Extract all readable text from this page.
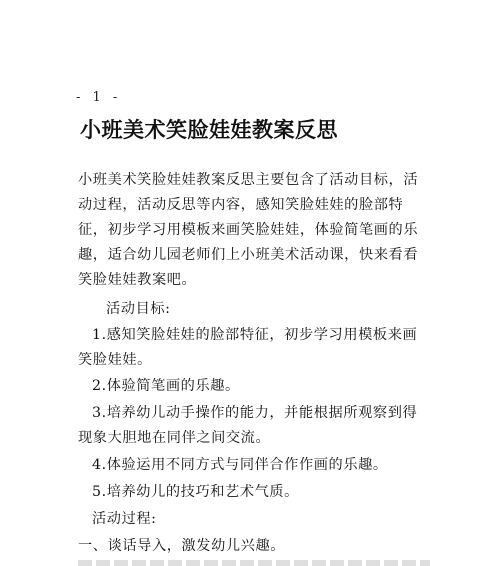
- 1 -
小班美术笑脸娃娃教案反思
小班美术笑脸娃娃教案反思主要包含了活动目标，活动过程，活动反思等内容，感知笑脸娃娃的脸部特征，初步学习用模板来画笑脸娃娃，体验简笔画的乐趣，适合幼儿园老师们上小班美术活动课，快来看看笑脸娃娃教案吧。

活动目标:

1.感知笑脸娃娃的脸部特征，初步学习用模板来画笑脸娃娃。

2.体验简笔画的乐趣。

3.培养幼儿动手操作的能力，并能根据所观察到得现象大胆地在同伴之间交流。

4.体验运用不同方式与同伴合作作画的乐趣。

5.培养幼儿的技巧和艺术气质。

活动过程:

一、谈话导入，激发幼儿兴趣。
